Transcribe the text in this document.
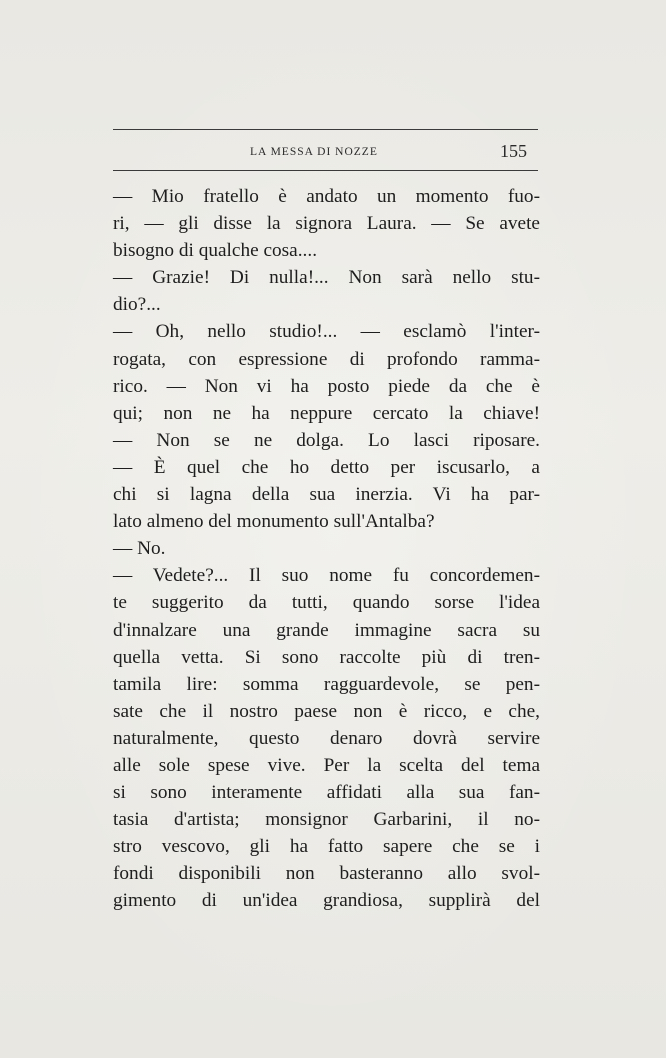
LA MESSA DI NOZZE	155
— Mio fratello è andato un momento fuo-
ri, — gli disse la signora Laura. — Se avete
bisogno di qualche cosa....
— Grazie! Di nulla!... Non sarà nello stu-
dio?...
— Oh, nello studio!... — esclamò l'inter-
rogata, con espressione di profondo ramma-
rico. — Non vi ha posto piede da che è
qui; non ne ha neppure cercato la chiave!
— Non se ne dolga. Lo lasci riposare.
— È quel che ho detto per iscusarlo, a
chi si lagna della sua inerzia. Vi ha par-
lato almeno del monumento sull'Antalba?
— No.
— Vedete?... Il suo nome fu concordemen-
te suggerito da tutti, quando sorse l'idea
d'innalzare una grande immagine sacra su
quella vetta. Si sono raccolte più di tren-
tamila lire: somma ragguardevole, se pen-
sate che il nostro paese non è ricco, e che,
naturalmente, questo denaro dovrà servire
alle sole spese vive. Per la scelta del tema
si sono interamente affidati alla sua fan-
tasia d'artista; monsignor Garbarini, il no-
stro vescovo, gli ha fatto sapere che se i
fondi disponibili non basteranno allo svol-
gimento di un'idea grandiosa, supplirà del
